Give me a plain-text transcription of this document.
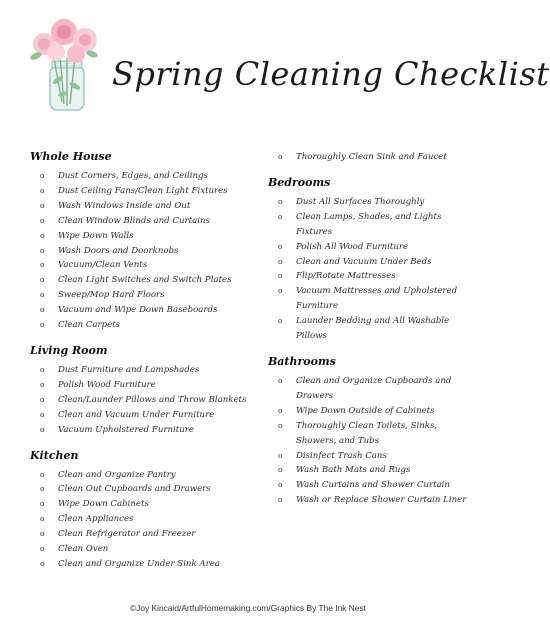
Spring Cleaning Checklist
Whole House
o Dust Corners, Edges, and Ceilings
o Dust Ceiling Fans/Clean Light Fixtures
o Wash Windows Inside and Out
o Clean Window Blinds and Curtains
o Wipe Down Walls
o Wash Doors and Doorknobs
o Vacuum/Clean Vents
o Clean Light Switches and Switch Plates
o Sweep/Mop Hard Floors
o Vacuum and Wipe Down Baseboards
o Clean Carpets
Living Room
o Dust Furniture and Lampshades
o Polish Wood Furniture
o Clean/Launder Pillows and Throw Blankets
o Clean and Vacuum Under Furniture
o Vacuum Upholstered Furniture
Kitchen
o Clean and Organize Pantry
o Clean Out Cupboards and Drawers
o Wipe Down Cabinets
o Clean Appliances
o Clean Refrigerator and Freezer
o Clean Oven
o Clean and Organize Under Sink Area
o Thoroughly Clean Sink and Faucet
Bedrooms
o Dust All Surfaces Thoroughly
o Clean Lamps, Shades, and Lights Fixtures
o Polish All Wood Furniture
o Clean and Vacuum Under Beds
o Flip/Rotate Mattresses
o Vacuum Mattresses and Upholstered Furniture
o Launder Bedding and All Washable Pillows
Bathrooms
o Clean and Organize Cupboards and Drawers
o Wipe Down Outside of Cabinets
o Thoroughly Clean Toilets, Sinks, Showers, and Tubs
o Disinfect Trash Cans
o Wash Bath Mats and Rugs
o Wash Curtains and Shower Curtain
o Wash or Replace Shower Curtain Liner
©Joy Kincaid/ArtfulHomemaking.com/Graphics By The Ink Nest
